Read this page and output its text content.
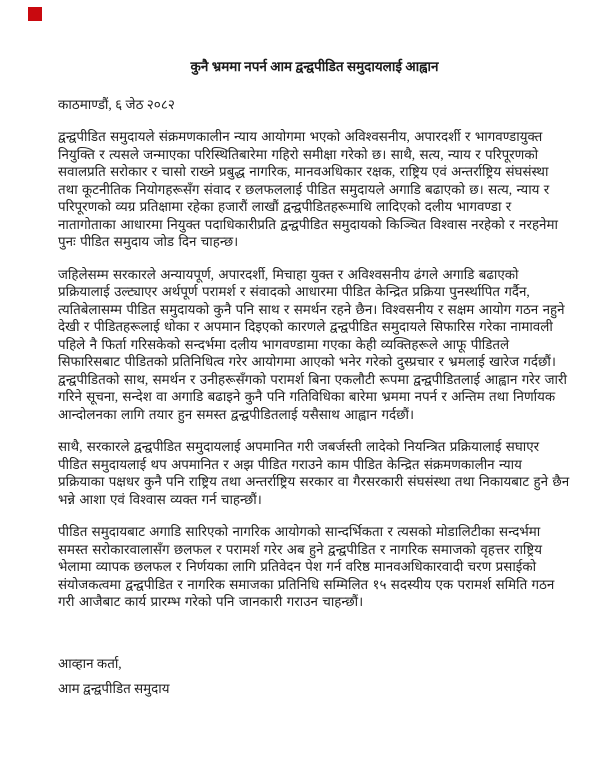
कुनै भ्रममा नपर्न आम द्वन्द्वपीडित समुदायलाई आह्वान

काठमाण्डौं, ६ जेठ २०८२

द्वन्द्वपीडित समुदायले संक्रमणकालीन न्याय आयोगमा भएको अविश्वसनीय, अपारदर्शी र भागवण्डायुक्त नियुक्ति र त्यसले जन्माएका परिस्थितिबारेमा गहिरो समीक्षा गरेको छ। साथै, सत्य, न्याय र परिपूरणको सवालप्रति सरोकार र चासो राख्ने प्रबुद्ध नागरिक, मानवअधिकार रक्षक, राष्ट्रिय एवं अन्तर्राष्ट्रिय संघसंस्था तथा कूटनीतिक नियोगहरूसँग संवाद र छलफललाई पीडित समुदायले अगाडि बढाएको छ। सत्य, न्याय र परिपूरणको व्यग्र प्रतिक्षामा रहेका हजारौं लाखौं द्वन्द्वपीडितहरूमाथि लादिएको दलीय भागवण्डा र नातागोताका आधारमा नियुक्त पदाधिकारीप्रति द्वन्द्वपीडित समुदायको किञ्चित विश्वास नरहेको र नरहनेमा पुनः पीडित समुदाय जोड दिन चाहन्छ।

जहिलेसम्म सरकारले अन्यायपूर्ण, अपारदर्शी, मिचाहा युक्त र अविश्वसनीय ढंगले अगाडि बढाएको प्रक्रियालाई उल्ट्याएर अर्थपूर्ण परामर्श र संवादको आधारमा पीडित केन्द्रित प्रक्रिया पुनर्स्थापित गर्दैन, त्यतिबेलासम्म पीडित समुदायको कुनै पनि साथ र समर्थन रहने छैन। विश्वसनीय र सक्षम आयोग गठन नहुने देखी र पीडितहरूलाई धोका र अपमान दिइएको कारणले द्वन्द्वपीडित समुदायले सिफारिस गरेका नामावली पहिले नै फिर्ता गरिसकेको सन्दर्भमा दलीय भागवण्डामा गएका केही व्यक्तिहरूले आफू पीडितले सिफारिसबाट पीडितको प्रतिनिधित्व गरेर आयोगमा आएको भनेर गरेको दुस्प्रचार र भ्रमलाई खारेज गर्दछौं। द्वन्द्वपीडितको साथ, समर्थन र उनीहरूसँगको परामर्श बिना एकलौटी रूपमा द्वन्द्वपीडितलाई आह्वान गरेर जारी गरिने सूचना, सन्देश वा अगाडि बढाइने कुनै पनि गतिविधिका बारेमा भ्रममा नपर्न र अन्तिम तथा निर्णायक आन्दोलनका लागि तयार हुन समस्त द्वन्द्वपीडितलाई यसैसाथ आह्वान गर्दछौं।

साथै, सरकारले द्वन्द्वपीडित समुदायलाई अपमानित गरी जबर्जस्ती लादेको नियन्त्रित प्रक्रियालाई सघाएर पीडित समुदायलाई थप अपमानित र अझ पीडित गराउने काम पीडित केन्द्रित संक्रमणकालीन न्याय प्रक्रियाका पक्षधर कुनै पनि राष्ट्रिय तथा अन्तर्राष्ट्रिय सरकार वा गैरसरकारी संघसंस्था तथा निकायबाट हुने छैन भन्ने आशा एवं विश्वास व्यक्त गर्न चाहन्छौं।

पीडित समुदायबाट अगाडि सारिएको नागरिक आयोगको सान्दर्भिकता र त्यसको मोडालिटीका सन्दर्भमा समस्त सरोकारवालासँग छलफल र परामर्श गरेर अब हुने द्वन्द्वपीडित र नागरिक समाजको वृहत्तर राष्ट्रिय भेलामा व्यापक छलफल र निर्णयका लागि प्रतिवेदन पेश गर्न वरिष्ठ मानवअधिकारवादी चरण प्रसाईको संयोजकत्वमा द्वन्द्वपीडित र नागरिक समाजका प्रतिनिधि सम्मिलित १५ सदस्यीय एक परामर्श समिति गठन गरी आजैबाट कार्य प्रारम्भ गरेको पनि जानकारी गराउन चाहन्छौं।

आव्हान कर्ता,

आम द्वन्द्वपीडित समुदाय
